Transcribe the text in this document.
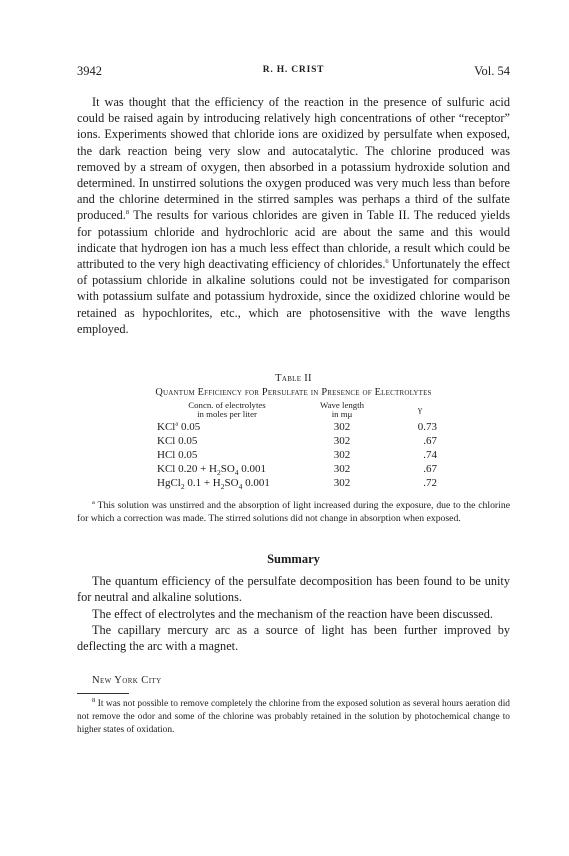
3942	R. H. CRIST	Vol. 54

It was thought that the efficiency of the reaction in the presence of sulfuric acid could be raised again by introducing relatively high concentrations of other “receptor” ions. Experiments showed that chloride ions are oxidized by persulfate when exposed, the dark reaction being very slow and autocatalytic. The chlorine produced was removed by a stream of oxygen, then absorbed in a potassium hydroxide solution and determined. In unstirred solutions the oxygen produced was very much less than before and the chlorine determined in the stirred samples was perhaps a third of the sulfate produced.$^8$ The results for various chlorides are given in Table II. The reduced yields for potassium chloride and hydrochloric acid are about the same and this would indicate that hydrogen ion has a much less effect than chloride, a result which could be attributed to the very high deactivating efficiency of chlorides.$^6$ Unfortunately the effect of potassium chloride in alkaline solutions could not be investigated for comparison with potassium sulfate and potassium hydroxide, since the oxidized chlorine would be retained as hypochlorites, etc., which are photosensitive with the wave lengths employed.

Table II
Quantum Efficiency for Persulfate in Presence of Electrolytes
Concn. of electrolytes
in moles per liter
Wave length
in mμ	γ
KCl$^a$ 0.05	302	0.73
KCl 0.05	302	.67
HCl 0.05	302	.74
KCl $0.20 + H_2SO_4$ 0.001	302	.67
HgCl$_2$ $0.1 + H_2SO_4$ 0.001	302	.72
$^a$ This solution was unstirred and the absorption of light increased during the exposure, due to the chlorine for which a correction was made. The stirred solutions did not change in absorption when exposed.
Summary

The quantum efficiency of the persulfate decomposition has been found to be unity for neutral and alkaline solutions.

The effect of electrolytes and the mechanism of the reaction have been discussed.

The capillary mercury arc as a source of light has been further improved by deflecting the arc with a magnet.

New York City
$^8$ It was not possible to remove completely the chlorine from the exposed solution as several hours aeration did not remove the odor and some of the chlorine was probably retained in the solution by photochemical change to higher states of oxidation.
